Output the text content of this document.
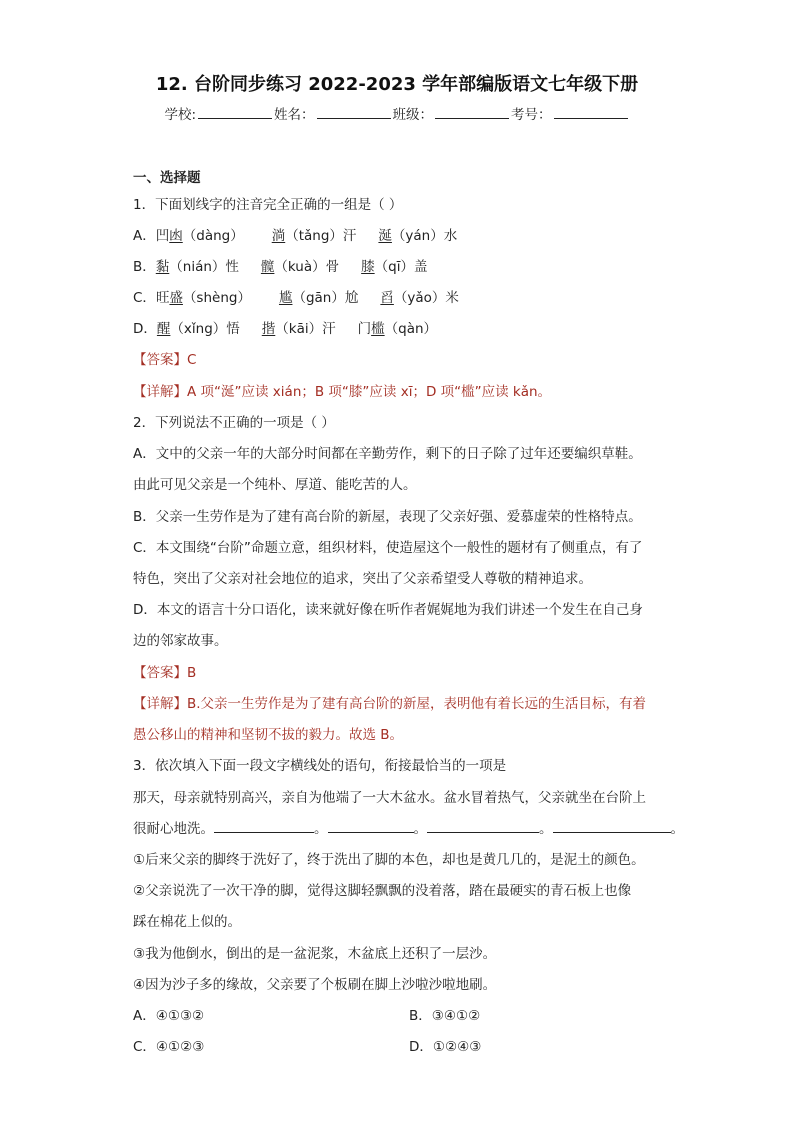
12. 台阶同步练习 2022-2023 学年部编版语文七年级下册
学校:	姓名：	班级：	考号：
一、选择题
1．下面划线字的注音完全正确的一组是（ ）
A．凹凼（dàng） 淌（tǎng）汗 涎（yán）水
B．黏（nián）性 髋（kuà）骨 膝（qī）盖
C．旺盛（shèng） 尴（gān）尬 舀（yǎo）米
D．醒（xǐng）悟 揩（kāi）汗 门槛（qàn）
【答案】C
【详解】A 项“涎”应读 xián；B 项“膝”应读 xī；D 项“槛”应读 kǎn。
2．下列说法不正确的一项是（ ）
A．文中的父亲一年的大部分时间都在辛勤劳作，剩下的日子除了过年还要编织草鞋。
由此可见父亲是一个纯朴、厚道、能吃苦的人。
B．父亲一生劳作是为了建有高台阶的新屋，表现了父亲好强、爱慕虚荣的性格特点。
C．本文围绕“台阶”命题立意，组织材料，使造屋这个一般性的题材有了侧重点，有了
特色，突出了父亲对社会地位的追求，突出了父亲希望受人尊敬的精神追求。
D．本文的语言十分口语化，读来就好像在听作者娓娓地为我们讲述一个发生在自己身
边的邻家故事。
【答案】B
【详解】B.父亲一生劳作是为了建有高台阶的新屋，表明他有着长远的生活目标，有着
愚公移山的精神和坚韧不拔的毅力。故选 B。
3．依次填入下面一段文字横线处的语句，衔接最恰当的一项是
那天，母亲就特别高兴，亲自为他端了一大木盆水。盆水冒着热气，父亲就坐在台阶上
很耐心地洗。	。	。	。	。
①后来父亲的脚终于洗好了，终于洗出了脚的本色，却也是黄几几的，是泥土的颜色。
②父亲说洗了一次干净的脚，觉得这脚轻飘飘的没着落，踏在最硬实的青石板上也像
踩在棉花上似的。
③我为他倒水，倒出的是一盆泥浆，木盆底上还积了一层沙。
④因为沙子多的缘故，父亲要了个板刷在脚上沙啦沙啦地刷。
A．④①③②	B．③④①②
C．④①②③	D．①②④③
